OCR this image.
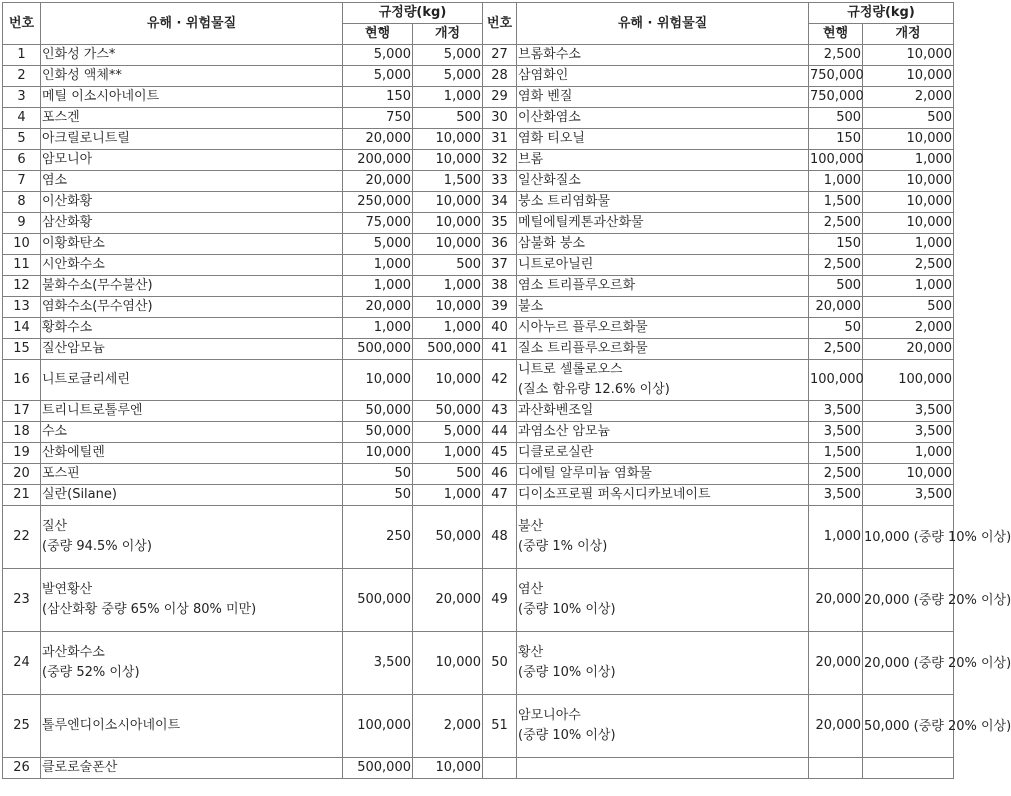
번호	유해 · 위험물질	규정량(kg)		번호	유해 · 위험물질	규정량(kg)	
		현행	개정			현행	개정
1	인화성 가스*	5,000	5,000	27	브롬화수소	2,500	10,000
2	인화성 액체**	5,000	5,000	28	삼염화인	750,000	10,000
3	메틸 이소시아네이트	150	1,000	29	염화 벤질	750,000	2,000
4	포스겐	750	500	30	이산화염소	500	500
5	아크릴로니트릴	20,000	10,000	31	염화 티오닐	150	10,000
6	암모니아	200,000	10,000	32	브롬	100,000	1,000
7	염소	20,000	1,500	33	일산화질소	1,000	10,000
8	이산화황	250,000	10,000	34	붕소 트리염화물	1,500	10,000
9	삼산화황	75,000	10,000	35	메틸에틸케톤과산화물	2,500	10,000
10	이황화탄소	5,000	10,000	36	삼불화 붕소	150	1,000
11	시안화수소	1,000	500	37	니트로아닐린	2,500	2,500
12	불화수소(무수불산)	1,000	1,000	38	염소 트리플루오르화	500	1,000
13	염화수소(무수염산)	20,000	10,000	39	불소	20,000	500
14	황화수소	1,000	1,000	40	시아누르 플루오르화물	50	2,000
15	질산암모늄	500,000	500,000	41	질소 트리플루오르화물	2,500	20,000
16	니트로글리세린	10,000	10,000	42	니트로 셀롤로오스
(질소 함유량 12.6% 이상)	100,000	100,000
17	트리니트로톨루엔	50,000	50,000	43	과산화벤조일	3,500	3,500
18	수소	50,000	5,000	44	과염소산 암모늄	3,500	3,500
19	산화에틸렌	10,000	1,000	45	디클로로실란	1,500	1,000
20	포스핀	50	500	46	디에틸 알루미늄 염화물	2,500	10,000
21	실란(Silane)	50	1,000	47	디이소프로필 퍼옥시디카보네이트	3,500	3,500
22	질산
(중량 94.5% 이상)	250	50,000	48	불산
(중량 1% 이상)	1,000	10,000 (중량 10% 이상)
23	발연황산
(삼산화황 중량 65% 이상 80% 미만)	500,000	20,000	49	염산
(중량 10% 이상)	20,000	20,000 (중량 20% 이상)
24	과산화수소
(중량 52% 이상)	3,500	10,000	50	황산
(중량 10% 이상)	20,000	20,000 (중량 20% 이상)
25	톨루엔디이소시아네이트	100,000	2,000	51	암모니아수
(중량 10% 이상)	20,000	50,000 (중량 20% 이상)
26	클로로술폰산	500,000	10,000		
